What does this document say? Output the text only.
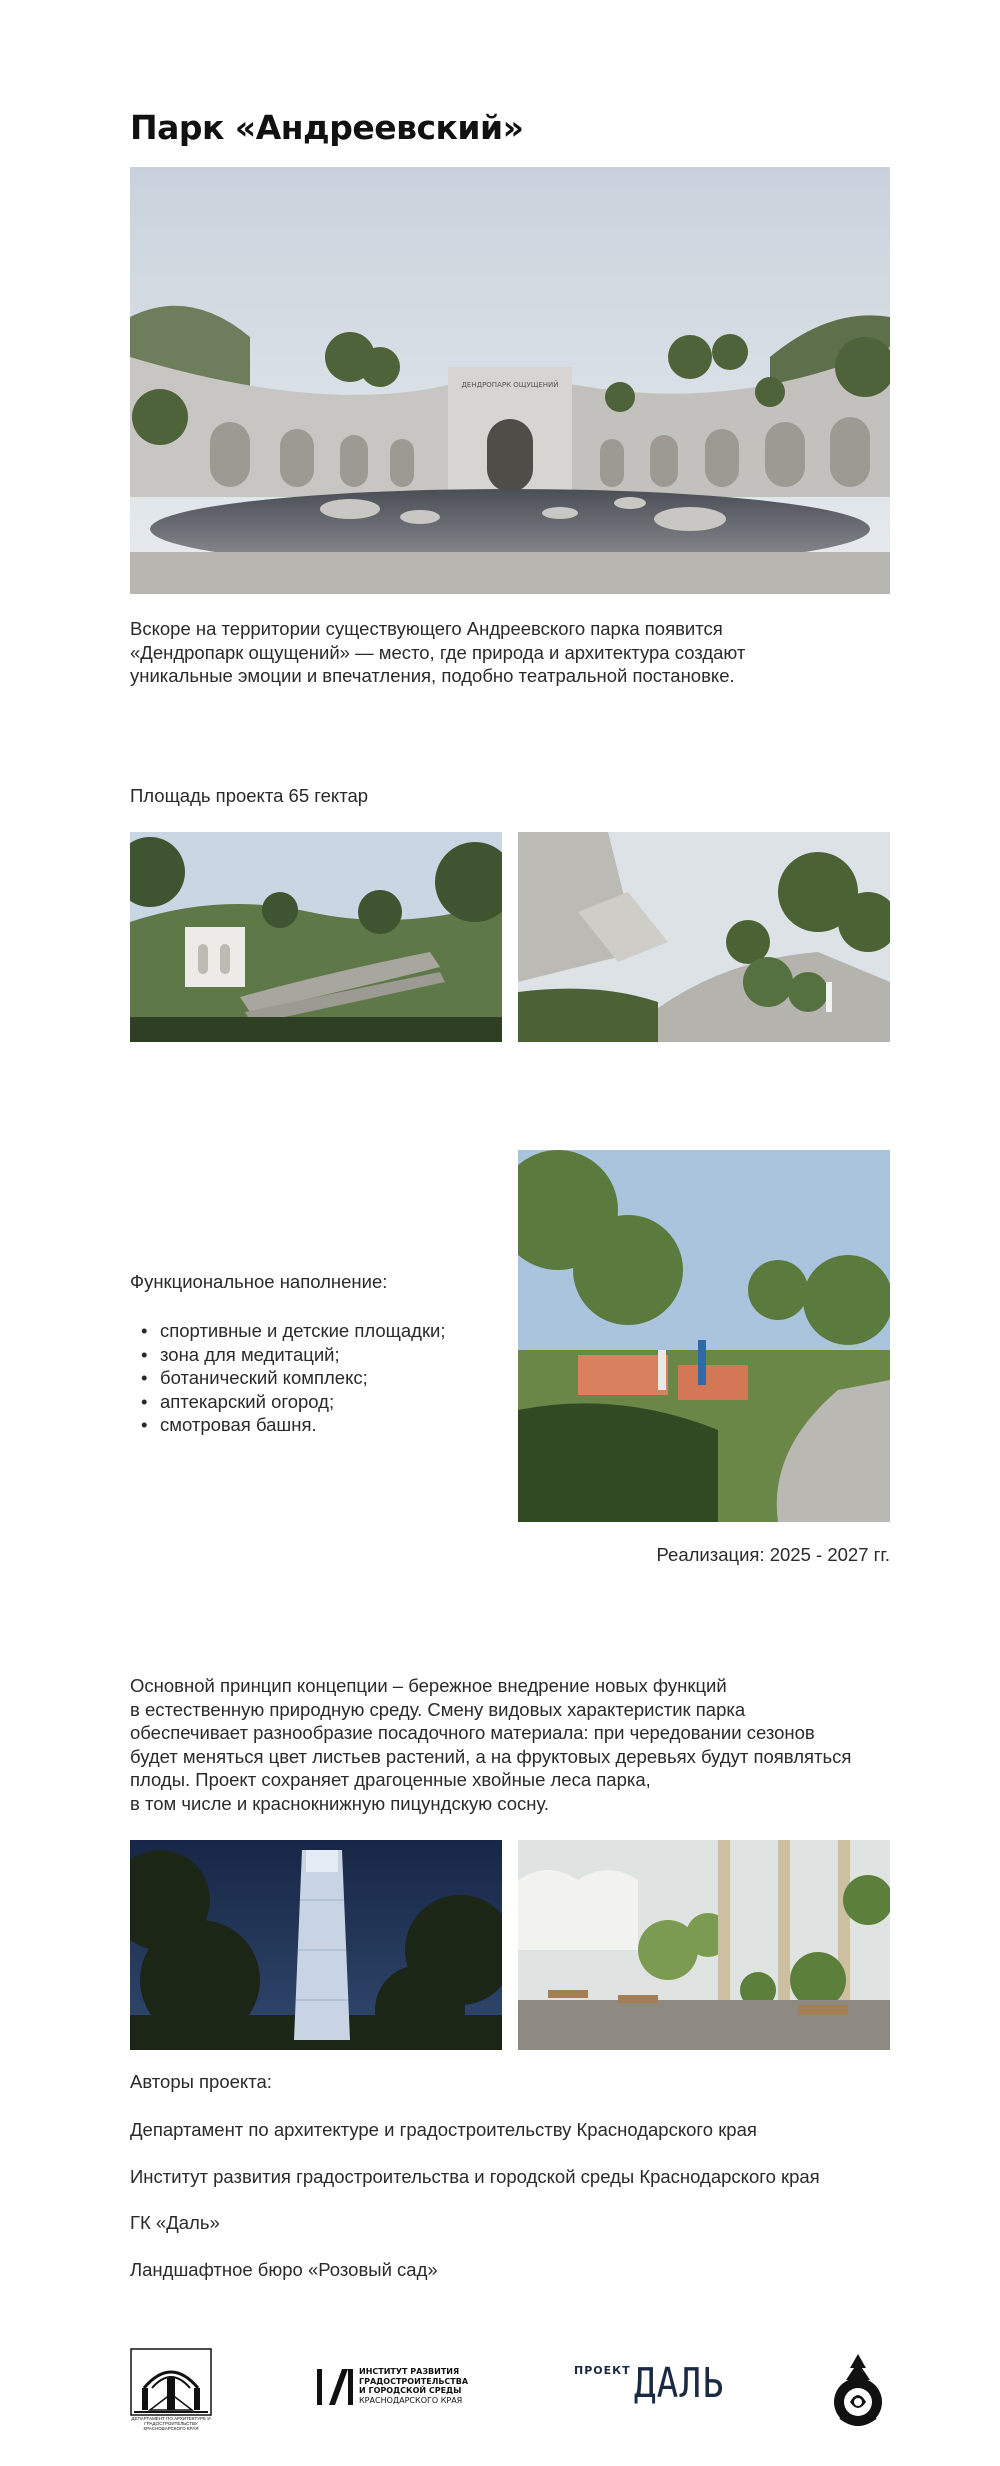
Парк «Андреевский»
ДЕНДРОПАРК ОЩУЩЕНИЙ
Вскоре на территории существующего Андреевского парка появится
«Дендропарк ощущений» — место, где природа и архитектура создают
уникальные эмоции и впечатления, подобно театральной постановке.
Площадь проекта 65 гектар
Функциональное наполнение:
• спортивные и детские площадки;
• зона для медитаций;
• ботанический комплекс;
• аптекарский огород;
• смотровая башня.
Реализация: 2025 - 2027 гг.
Основной принцип концепции – бережное внедрение новых функций
в естественную природную среду. Смену видовых характеристик парка
обеспечивает разнообразие посадочного материала: при чередовании сезонов
будет меняться цвет листьев растений, а на фруктовых деревьях будут появляться
плоды. Проект сохраняет драгоценные хвойные леса парка,
в том числе и краснокнижную пицундскую сосну.
Авторы проекта:
Департамент по архитектуре и градостроительству Краснодарского края
Институт развития градостроительства и городской среды Краснодарского края
ГК «Даль»
Ландшафтное бюро «Розовый сад»
ДЕПАРТАМЕНТ ПО АРХИТЕКТУРЕ И ГРАДОСТРОИТЕЛЬСТВУ КРАСНОДАРСКОГО КРАЯ
ИНСТИТУТ РАЗВИТИЯ
ГРАДОСТРОИТЕЛЬСТВА
И ГОРОДСКОЙ СРЕДЫ
КРАСНОДАРСКОГО КРАЯ
ПРОЕКТ ДАЛЬ
